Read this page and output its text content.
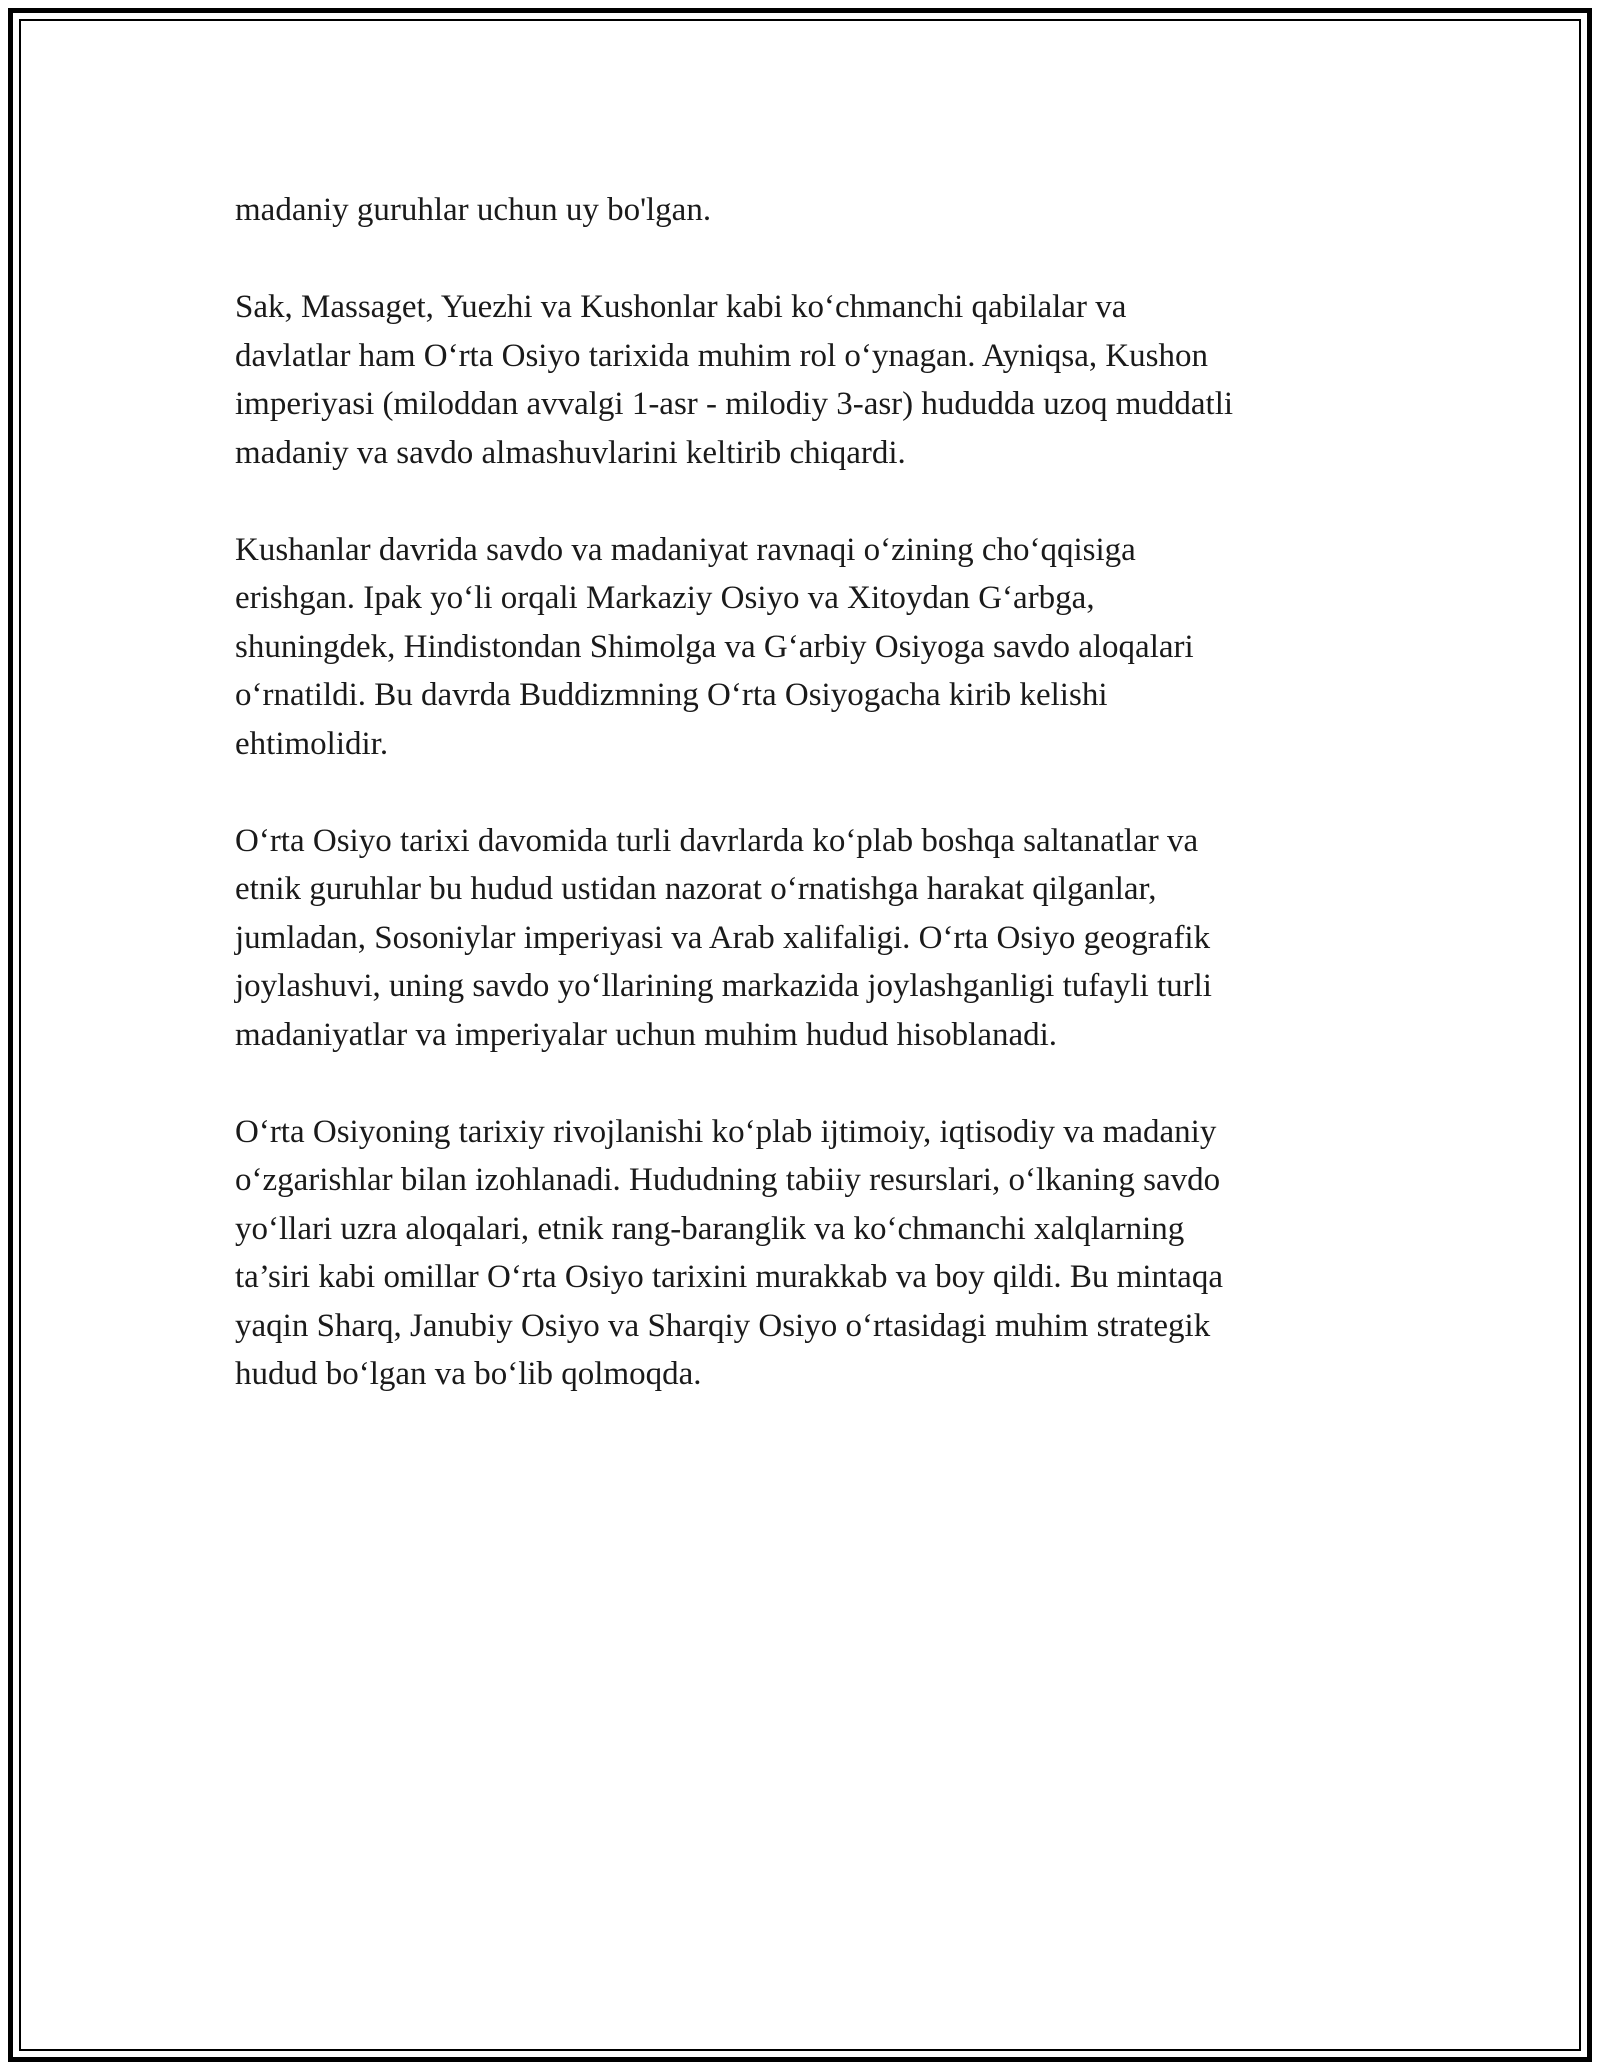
madaniy guruhlar uchun uy bo'lgan.

Sak, Massaget, Yuezhi va Kushonlar kabi ko‘chmanchi qabilalar va
davlatlar ham O‘rta Osiyo tarixida muhim rol o‘ynagan. Ayniqsa, Kushon
imperiyasi (miloddan avvalgi 1-asr - milodiy 3-asr) hududda uzoq muddatli
madaniy va savdo almashuvlarini keltirib chiqardi.

Kushanlar davrida savdo va madaniyat ravnaqi o‘zining cho‘qqisiga
erishgan. Ipak yo‘li orqali Markaziy Osiyo va Xitoydan G‘arbga,
shuningdek, Hindistondan Shimolga va G‘arbiy Osiyoga savdo aloqalari
o‘rnatildi. Bu davrda Buddizmning O‘rta Osiyogacha kirib kelishi
ehtimolidir.

O‘rta Osiyo tarixi davomida turli davrlarda ko‘plab boshqa saltanatlar va
etnik guruhlar bu hudud ustidan nazorat o‘rnatishga harakat qilganlar,
jumladan, Sosoniylar imperiyasi va Arab xalifaligi. O‘rta Osiyo geografik
joylashuvi, uning savdo yo‘llarining markazida joylashganligi tufayli turli
madaniyatlar va imperiyalar uchun muhim hudud hisoblanadi.

O‘rta Osiyoning tarixiy rivojlanishi ko‘plab ijtimoiy, iqtisodiy va madaniy
o‘zgarishlar bilan izohlanadi. Hududning tabiiy resurslari, o‘lkaning savdo
yo‘llari uzra aloqalari, etnik rang-baranglik va ko‘chmanchi xalqlarning
ta’siri kabi omillar O‘rta Osiyo tarixini murakkab va boy qildi. Bu mintaqa
yaqin Sharq, Janubiy Osiyo va Sharqiy Osiyo o‘rtasidagi muhim strategik
hudud bo‘lgan va bo‘lib qolmoqda.
